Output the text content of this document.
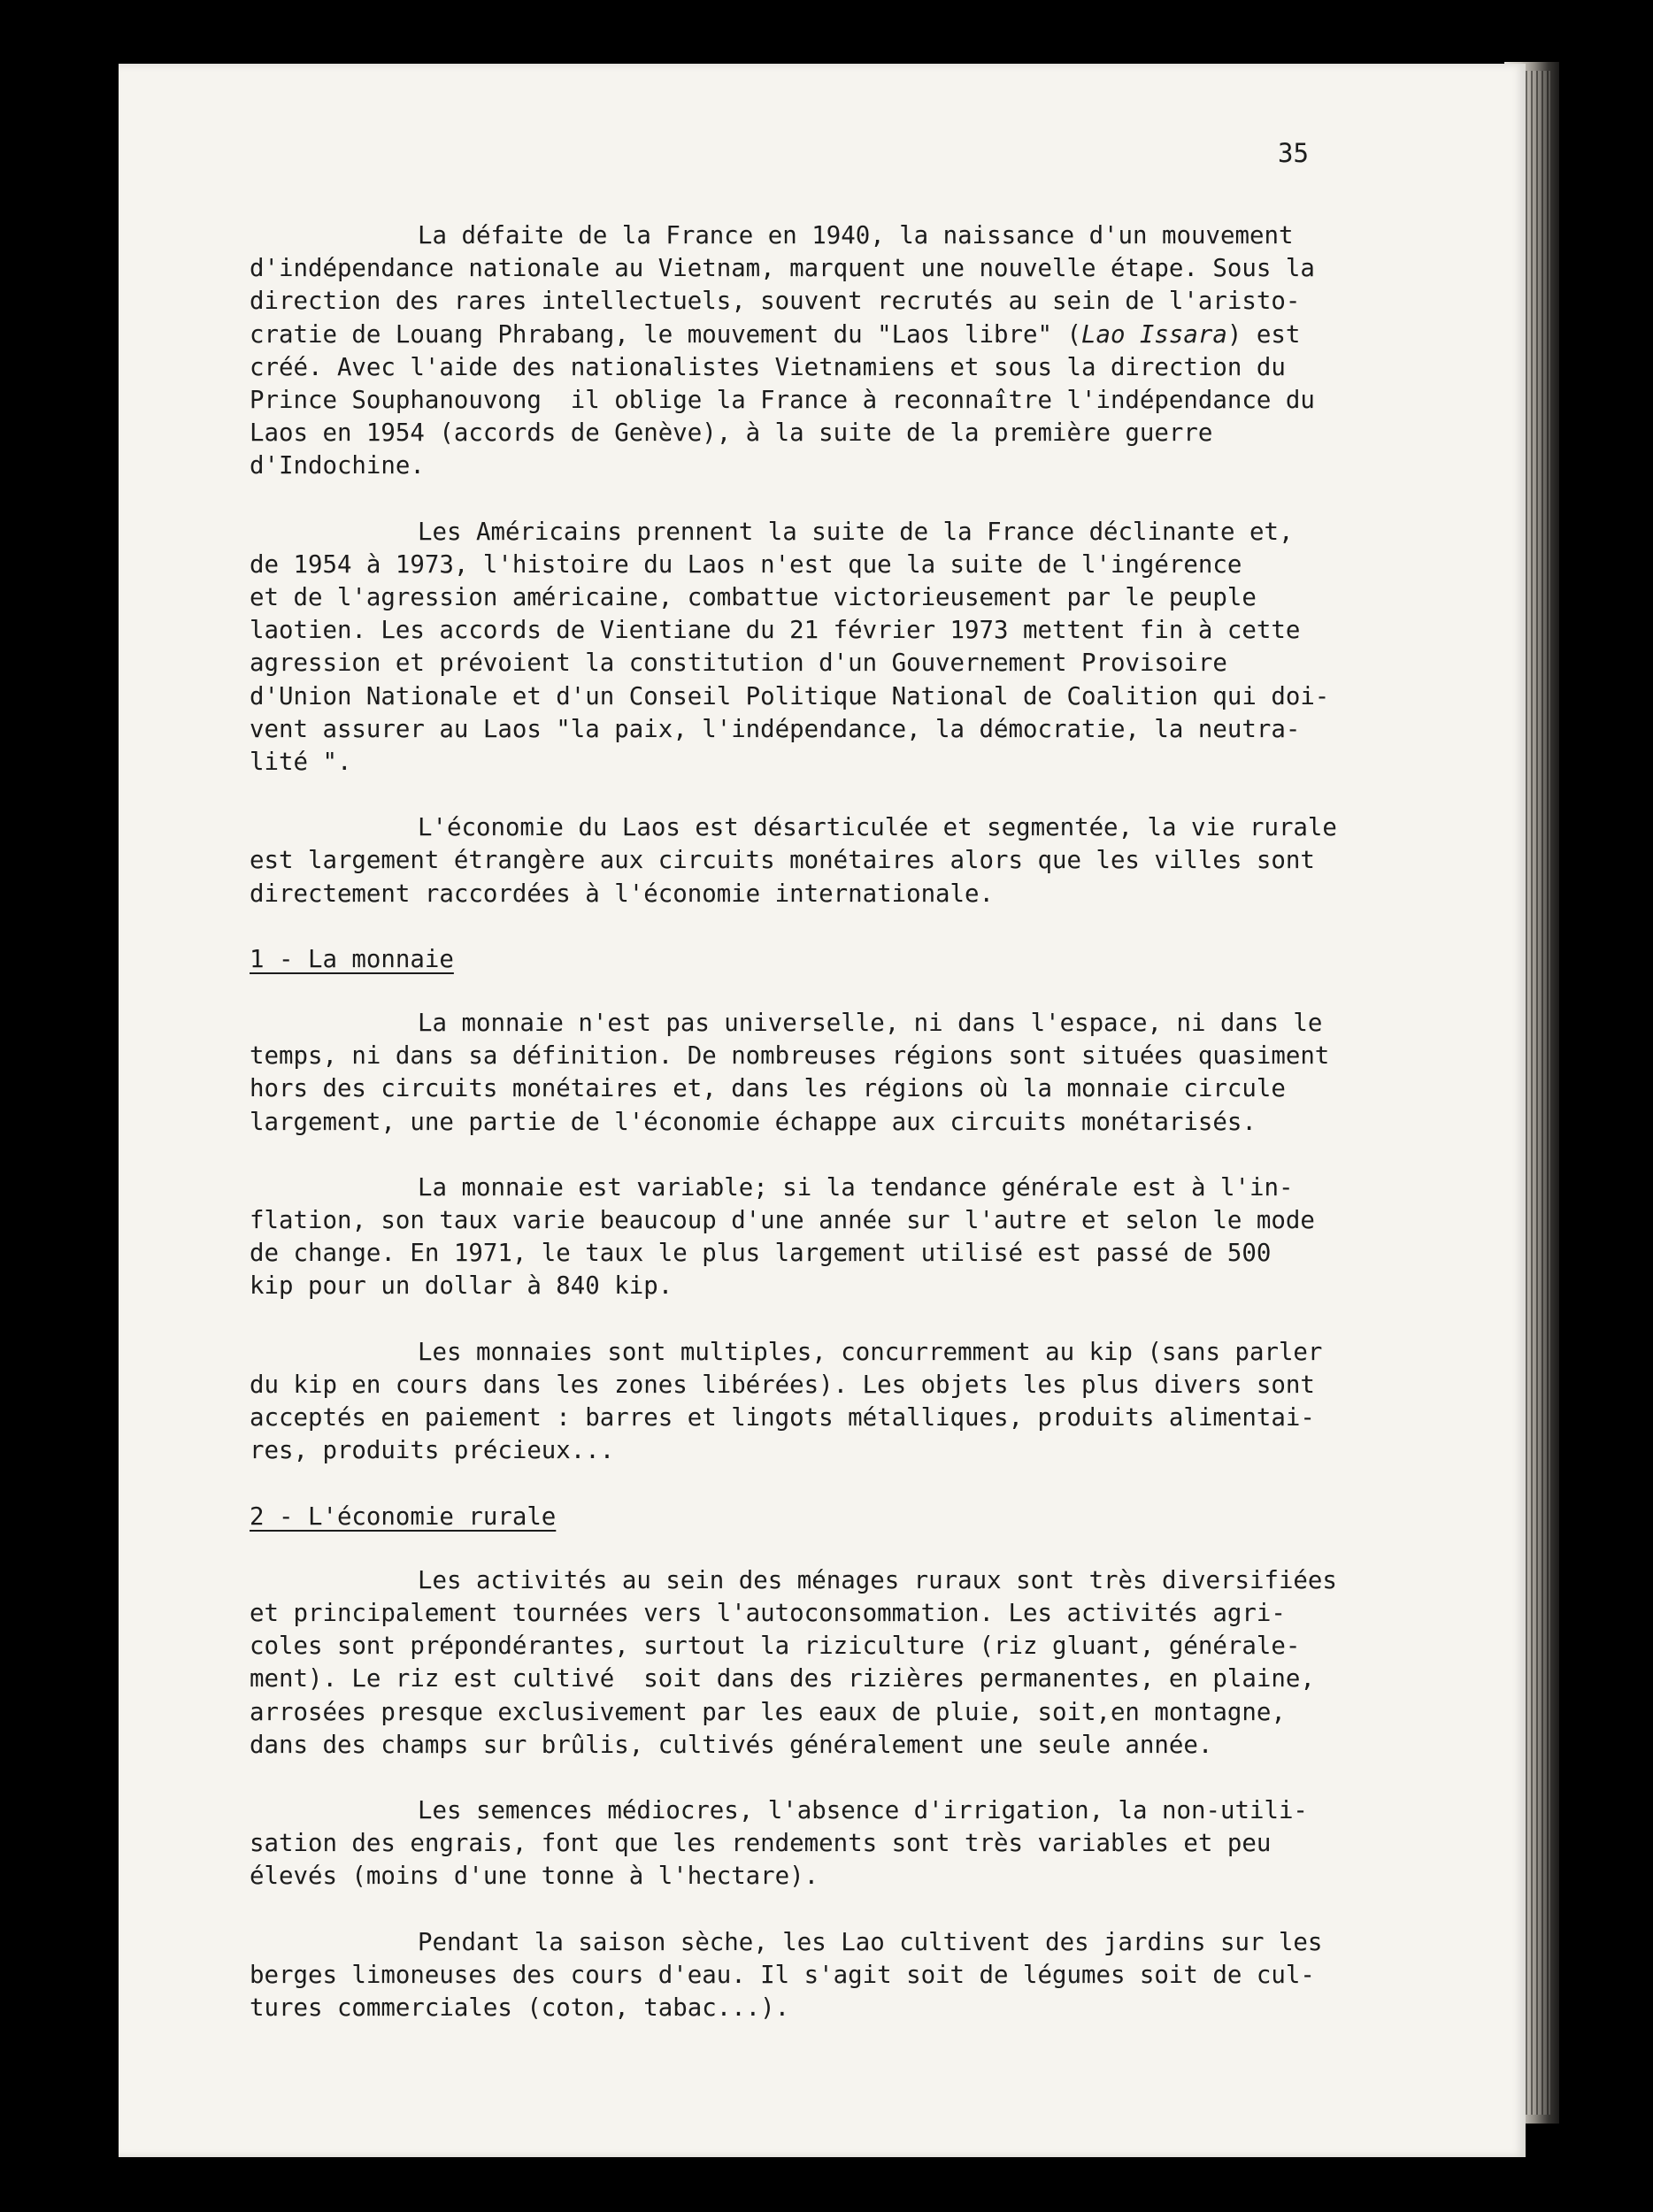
35
La défaite de la France en 1940, la naissance d'un mouvement
d'indépendance nationale au Vietnam, marquent une nouvelle étape. Sous la
direction des rares intellectuels, souvent recrutés au sein de l'aristo-
cratie de Louang Phrabang, le mouvement du "Laos libre" (Lao Issara) est
créé. Avec l'aide des nationalistes Vietnamiens et sous la direction du
Prince Souphanouvong  il oblige la France à reconnaître l'indépendance du
Laos en 1954 (accords de Genève), à la suite de la première guerre
d'Indochine.
Les Américains prennent la suite de la France déclinante et,
de 1954 à 1973, l'histoire du Laos n'est que la suite de l'ingérence
et de l'agression américaine, combattue victorieusement par le peuple
laotien. Les accords de Vientiane du 21 février 1973 mettent fin à cette
agression et prévoient la constitution d'un Gouvernement Provisoire
d'Union Nationale et d'un Conseil Politique National de Coalition qui doi-
vent assurer au Laos "la paix, l'indépendance, la démocratie, la neutra-
lité ".
L'économie du Laos est désarticulée et segmentée, la vie rurale
est largement étrangère aux circuits monétaires alors que les villes sont
directement raccordées à l'économie internationale.
1 - La monnaie
La monnaie n'est pas universelle, ni dans l'espace, ni dans le
temps, ni dans sa définition. De nombreuses régions sont situées quasiment
hors des circuits monétaires et, dans les régions où la monnaie circule
largement, une partie de l'économie échappe aux circuits monétarisés.
La monnaie est variable; si la tendance générale est à l'in-
flation, son taux varie beaucoup d'une année sur l'autre et selon le mode
de change. En 1971, le taux le plus largement utilisé est passé de 500
kip pour un dollar à 840 kip.
Les monnaies sont multiples, concurremment au kip (sans parler
du kip en cours dans les zones libérées). Les objets les plus divers sont
acceptés en paiement : barres et lingots métalliques, produits alimentai-
res, produits précieux...
2 - L'économie rurale
Les activités au sein des ménages ruraux sont très diversifiées
et principalement tournées vers l'autoconsommation. Les activités agri-
coles sont prépondérantes, surtout la riziculture (riz gluant, générale-
ment). Le riz est cultivé  soit dans des rizières permanentes, en plaine,
arrosées presque exclusivement par les eaux de pluie, soit,en montagne,
dans des champs sur brûlis, cultivés généralement une seule année.
Les semences médiocres, l'absence d'irrigation, la non-utili-
sation des engrais, font que les rendements sont très variables et peu
élevés (moins d'une tonne à l'hectare).
Pendant la saison sèche, les Lao cultivent des jardins sur les
berges limoneuses des cours d'eau. Il s'agit soit de légumes soit de cul-
tures commerciales (coton, tabac...).
